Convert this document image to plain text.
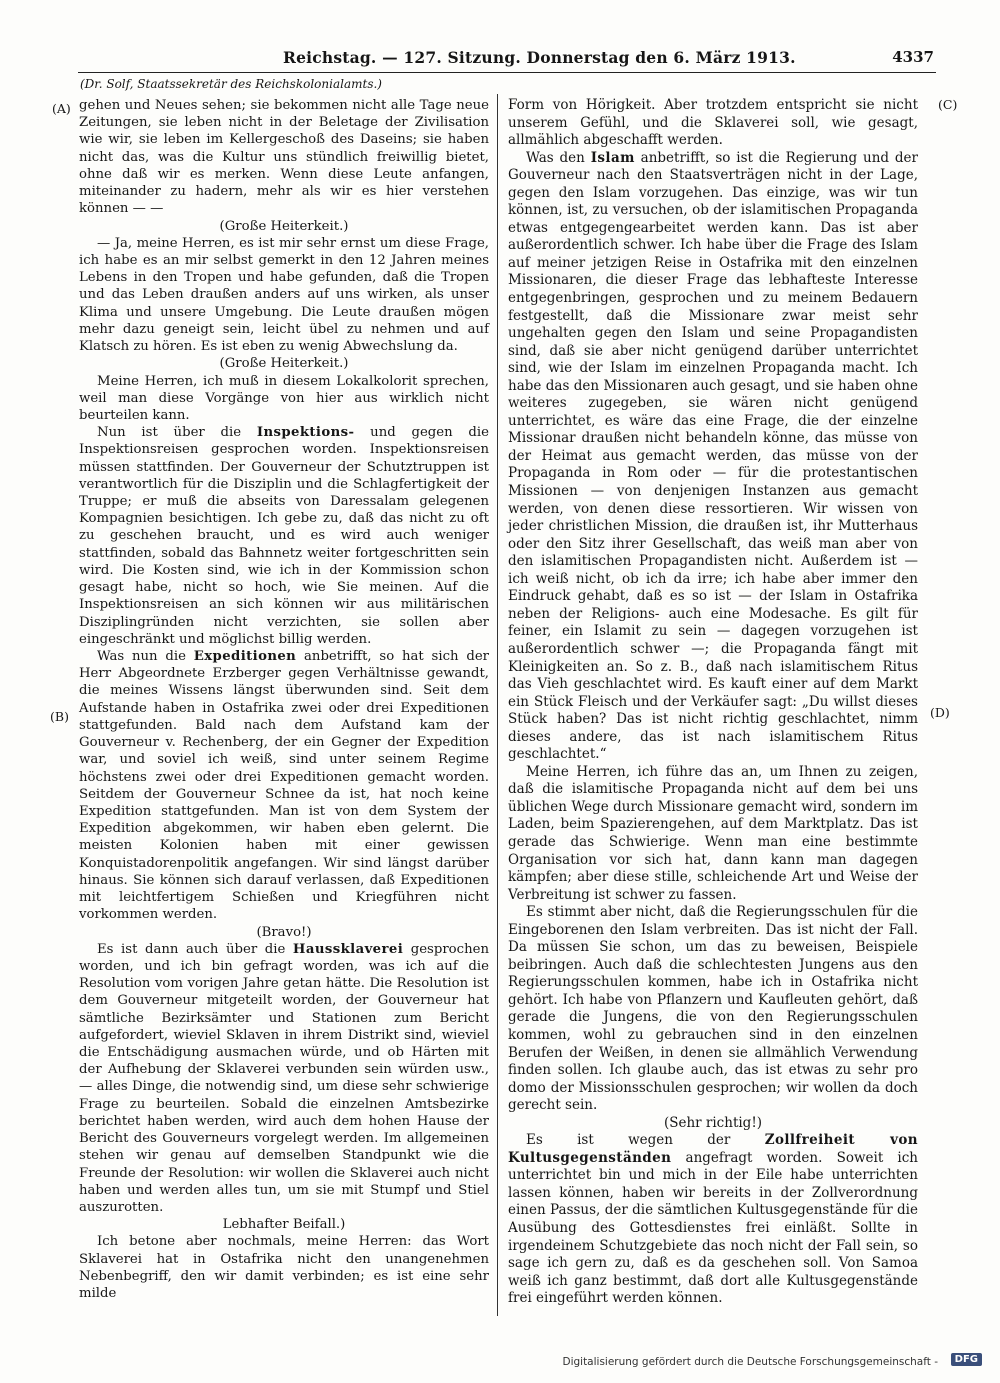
Reichstag. — 127. Sitzung. Donnerstag den 6. März 1913.	4337
(Dr. Solf, Staatssekretär des Reichskolonialamts.)
(A)
(B)
(C)
(D)

gehen und Neues sehen; sie bekommen nicht alle Tage neue Zeitungen, sie leben nicht in der Beletage der Zivilisation wie wir, sie leben im Kellergeschoß des Daseins; sie haben nicht das, was die Kultur uns stündlich freiwillig bietet, ohne daß wir es merken. Wenn diese Leute anfangen, miteinander zu hadern, mehr als wir es hier verstehen können — —

(Große Heiterkeit.)

— Ja, meine Herren, es ist mir sehr ernst um diese Frage, ich habe es an mir selbst gemerkt in den 12 Jahren meines Lebens in den Tropen und habe gefunden, daß die Tropen und das Leben draußen anders auf uns wirken, als unser Klima und unsere Umgebung. Die Leute draußen mögen mehr dazu geneigt sein, leicht übel zu nehmen und auf Klatsch zu hören. Es ist eben zu wenig Abwechslung da.

(Große Heiterkeit.)

Meine Herren, ich muß in diesem Lokalkolorit sprechen, weil man diese Vorgänge von hier aus wirklich nicht beurteilen kann.

Nun ist über die Inspektions- und gegen die Inspektionsreisen gesprochen worden. Inspektionsreisen müssen stattfinden. Der Gouverneur der Schutztruppen ist verantwortlich für die Disziplin und die Schlagfertigkeit der Truppe; er muß die abseits von Daressalam gelegenen Kompagnien besichtigen. Ich gebe zu, daß das nicht zu oft zu geschehen braucht, und es wird auch weniger stattfinden, sobald das Bahnnetz weiter fortgeschritten sein wird. Die Kosten sind, wie ich in der Kommission schon gesagt habe, nicht so hoch, wie Sie meinen. Auf die Inspektionsreisen an sich können wir aus militärischen Disziplingründen nicht verzichten, sie sollen aber eingeschränkt und möglichst billig werden.

Was nun die Expeditionen anbetrifft, so hat sich der Herr Abgeordnete Erzberger gegen Verhältnisse gewandt, die meines Wissens längst überwunden sind. Seit dem Aufstande haben in Ostafrika zwei oder drei Expeditionen stattgefunden. Bald nach dem Aufstand kam der Gouverneur v. Rechenberg, der ein Gegner der Expedition war, und soviel ich weiß, sind unter seinem Regime höchstens zwei oder drei Expeditionen gemacht worden. Seitdem der Gouverneur Schnee da ist, hat noch keine Expedition stattgefunden. Man ist von dem System der Expedition abgekommen, wir haben eben gelernt. Die meisten Kolonien haben mit einer gewissen Konquistadorenpolitik angefangen. Wir sind längst darüber hinaus. Sie können sich darauf verlassen, daß Expeditionen mit leichtfertigem Schießen und Kriegführen nicht vorkommen werden.

(Bravo!)

Es ist dann auch über die Haussklaverei gesprochen worden, und ich bin gefragt worden, was ich auf die Resolution vom vorigen Jahre getan hätte. Die Resolution ist dem Gouverneur mitgeteilt worden, der Gouverneur hat sämtliche Bezirksämter und Stationen zum Bericht aufgefordert, wieviel Sklaven in ihrem Distrikt sind, wieviel die Entschädigung ausmachen würde, und ob Härten mit der Aufhebung der Sklaverei verbunden sein würden usw., — alles Dinge, die notwendig sind, um diese sehr schwierige Frage zu beurteilen. Sobald die einzelnen Amtsbezirke berichtet haben werden, wird auch dem hohen Hause der Bericht des Gouverneurs vorgelegt werden. Im allgemeinen stehen wir genau auf demselben Standpunkt wie die Freunde der Resolution: wir wollen die Sklaverei auch nicht haben und werden alles tun, um sie mit Stumpf und Stiel auszurotten.

Lebhafter Beifall.)

Ich betone aber nochmals, meine Herren: das Wort Sklaverei hat in Ostafrika nicht den unangenehmen Nebenbegriff, den wir damit verbinden; es ist eine sehr milde

Form von Hörigkeit. Aber trotzdem entspricht sie nicht unserem Gefühl, und die Sklaverei soll, wie gesagt, allmählich abgeschafft werden.

Was den Islam anbetrifft, so ist die Regierung und der Gouverneur nach den Staatsverträgen nicht in der Lage, gegen den Islam vorzugehen. Das einzige, was wir tun können, ist, zu versuchen, ob der islamitischen Propaganda etwas entgegengearbeitet werden kann. Das ist aber außerordentlich schwer. Ich habe über die Frage des Islam auf meiner jetzigen Reise in Ostafrika mit den einzelnen Missionaren, die dieser Frage das lebhafteste Interesse entgegenbringen, gesprochen und zu meinem Bedauern festgestellt, daß die Missionare zwar meist sehr ungehalten gegen den Islam und seine Propagandisten sind, daß sie aber nicht genügend darüber unterrichtet sind, wie der Islam im einzelnen Propaganda macht. Ich habe das den Missionaren auch gesagt, und sie haben ohne weiteres zugegeben, sie wären nicht genügend unterrichtet, es wäre das eine Frage, die der einzelne Missionar draußen nicht behandeln könne, das müsse von der Heimat aus gemacht werden, das müsse von der Propaganda in Rom oder — für die protestantischen Missionen — von denjenigen Instanzen aus gemacht werden, von denen diese ressortieren. Wir wissen von jeder christlichen Mission, die draußen ist, ihr Mutterhaus oder den Sitz ihrer Gesellschaft, das weiß man aber von den islamitischen Propagandisten nicht. Außerdem ist — ich weiß nicht, ob ich da irre; ich habe aber immer den Eindruck gehabt, daß es so ist — der Islam in Ostafrika neben der Religions- auch eine Modesache. Es gilt für feiner, ein Islamit zu sein — dagegen vorzugehen ist außerordentlich schwer —; die Propaganda fängt mit Kleinigkeiten an. So z. B., daß nach islamitischem Ritus das Vieh geschlachtet wird. Es kauft einer auf dem Markt ein Stück Fleisch und der Verkäufer sagt: „Du willst dieses Stück haben? Das ist nicht richtig geschlachtet, nimm dieses andere, das ist nach islamitischem Ritus geschlachtet.“

Meine Herren, ich führe das an, um Ihnen zu zeigen, daß die islamitische Propaganda nicht auf dem bei uns üblichen Wege durch Missionare gemacht wird, sondern im Laden, beim Spazierengehen, auf dem Marktplatz. Das ist gerade das Schwierige. Wenn man eine bestimmte Organisation vor sich hat, dann kann man dagegen kämpfen; aber diese stille, schleichende Art und Weise der Verbreitung ist schwer zu fassen.

Es stimmt aber nicht, daß die Regierungsschulen für die Eingeborenen den Islam verbreiten. Das ist nicht der Fall. Da müssen Sie schon, um das zu beweisen, Beispiele beibringen. Auch daß die schlechtesten Jungens aus den Regierungsschulen kommen, habe ich in Ostafrika nicht gehört. Ich habe von Pflanzern und Kaufleuten gehört, daß gerade die Jungens, die von den Regierungsschulen kommen, wohl zu gebrauchen sind in den einzelnen Berufen der Weißen, in denen sie allmählich Verwendung finden sollen. Ich glaube auch, das ist etwas zu sehr pro domo der Missionsschulen gesprochen; wir wollen da doch gerecht sein.

(Sehr richtig!)

Es ist wegen der Zollfreiheit von Kultusgegenständen angefragt worden. Soweit ich unterrichtet bin und mich in der Eile habe unterrichten lassen können, haben wir bereits in der Zollverordnung einen Passus, der die sämtlichen Kultusgegenstände für die Ausübung des Gottesdienstes frei einläßt. Sollte in irgendeinem Schutzgebiete das noch nicht der Fall sein, so sage ich gern zu, daß es da geschehen soll. Von Samoa weiß ich ganz bestimmt, daß dort alle Kultusgegenstände frei eingeführt werden können.

Digitalisierung gefördert durch die Deutsche Forschungsgemeinschaft -	DFG
